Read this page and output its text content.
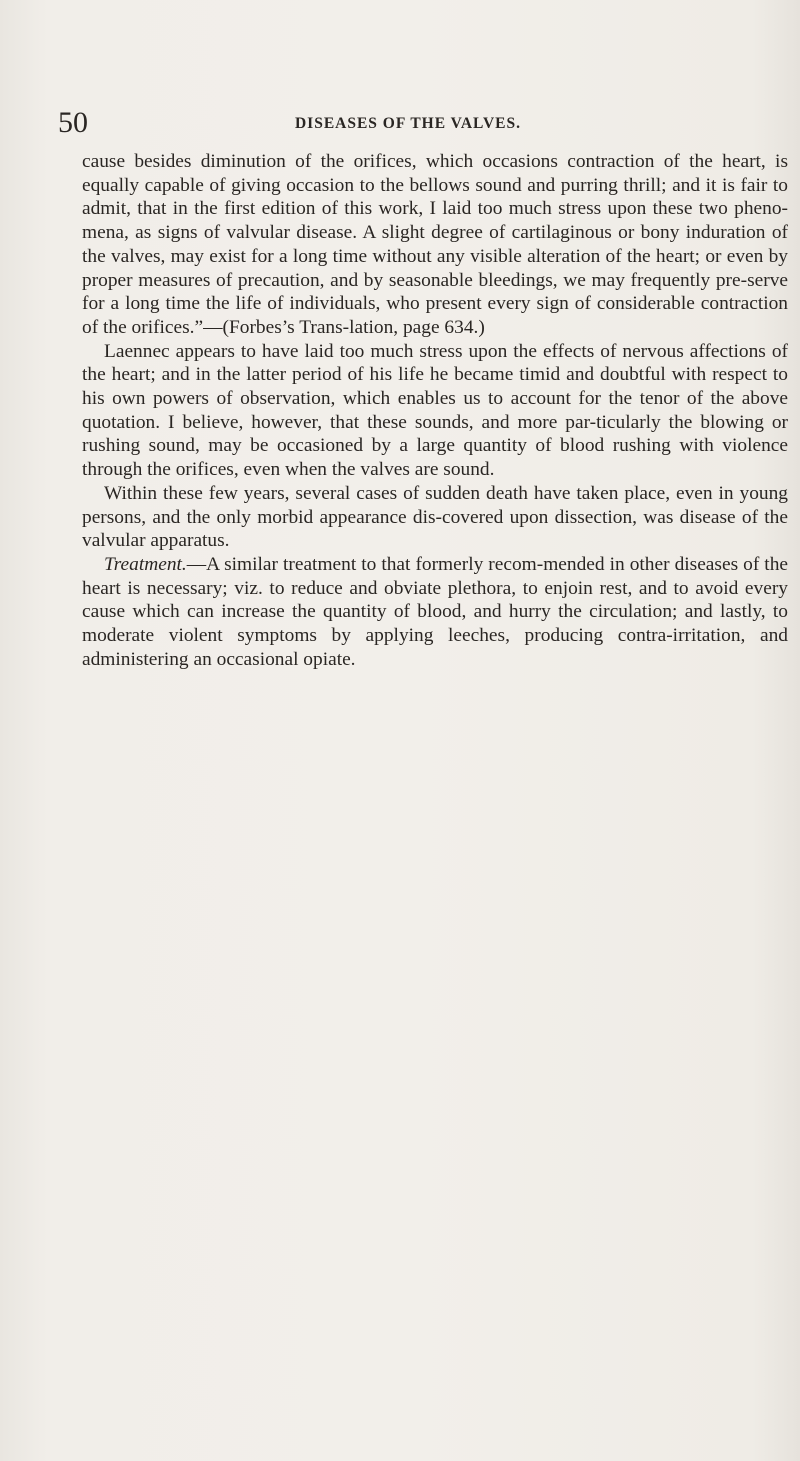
50	DISEASES OF THE VALVES.

cause besides diminution of the orifices, which occasions contraction of the heart, is equally capable of giving occasion to the bellows sound and purring thrill; and it is fair to admit, that in the first edition of this work, I laid too much stress upon these two pheno-mena, as signs of valvular disease. A slight degree of cartilaginous or bony induration of the valves, may exist for a long time without any visible alteration of the heart; or even by proper measures of precaution, and by seasonable bleedings, we may frequently pre-serve for a long time the life of individuals, who present every sign of considerable contraction of the orifices.”—(Forbes’s Trans-lation, page 634.)

Laennec appears to have laid too much stress upon the effects of nervous affections of the heart; and in the latter period of his life he became timid and doubtful with respect to his own powers of observation, which enables us to account for the tenor of the above quotation. I believe, however, that these sounds, and more par-ticularly the blowing or rushing sound, may be occasioned by a large quantity of blood rushing with violence through the orifices, even when the valves are sound.

Within these few years, several cases of sudden death have taken place, even in young persons, and the only morbid appearance dis-covered upon dissection, was disease of the valvular apparatus.

Treatment.—A similar treatment to that formerly recom-mended in other diseases of the heart is necessary; viz. to reduce and obviate plethora, to enjoin rest, and to avoid every cause which can increase the quantity of blood, and hurry the circulation; and lastly, to moderate violent symptoms by applying leeches, producing contra-irritation, and administering an occasional opiate.
